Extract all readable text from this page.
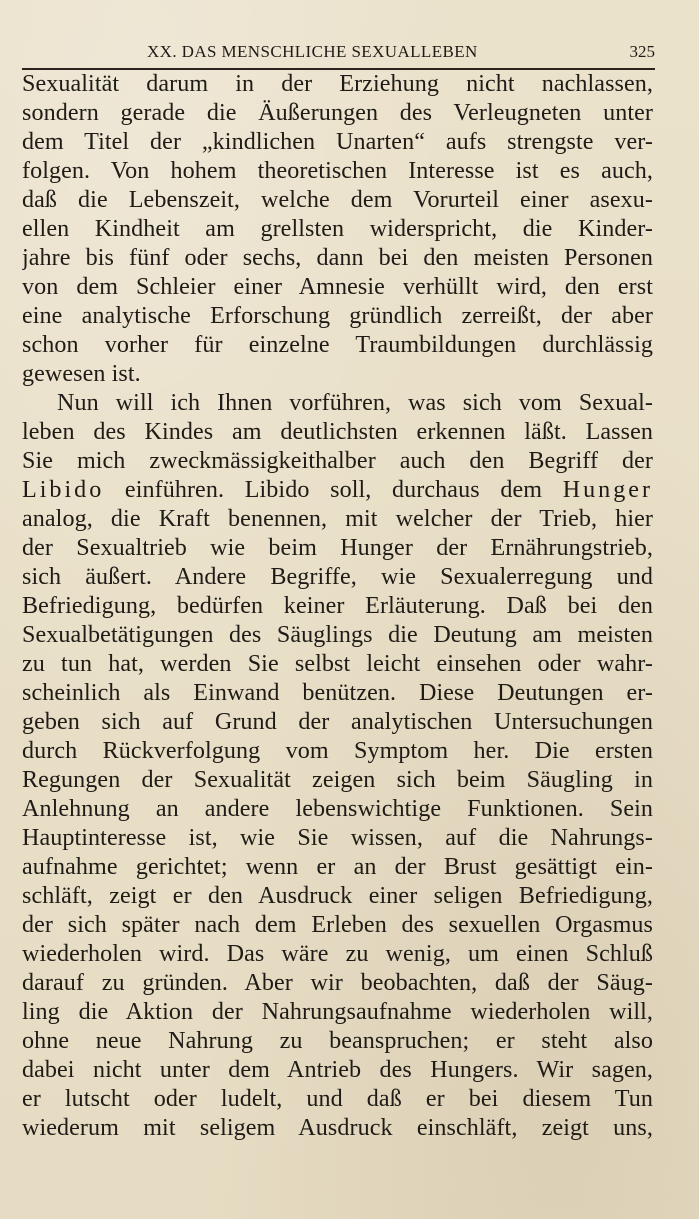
XX. DAS MENSCHLICHE SEXUALLEBEN	325
Sexualität darum in der Erziehung nicht nachlassen,
sondern gerade die Äußerungen des Verleugneten unter
dem Titel der „kindlichen Unarten“ aufs strengste ver-
folgen. Von hohem theoretischen Interesse ist es auch,
daß die Lebenszeit, welche dem Vorurteil einer asexu-
ellen Kindheit am grellsten widerspricht, die Kinder-
jahre bis fünf oder sechs, dann bei den meisten Personen
von dem Schleier einer Amnesie verhüllt wird, den erst
eine analytische Erforschung gründlich zerreißt, der aber
schon vorher für einzelne Traumbildungen durchlässig
gewesen ist.
Nun will ich Ihnen vorführen, was sich vom Sexual-
leben des Kindes am deutlichsten erkennen läßt. Lassen
Sie mich zweckmässigkeithalber auch den Begriff der
Libido einführen. Libido soll, durchaus dem Hunger
analog, die Kraft benennen, mit welcher der Trieb, hier
der Sexualtrieb wie beim Hunger der Ernährungstrieb,
sich äußert. Andere Begriffe, wie Sexualerregung und
Befriedigung, bedürfen keiner Erläuterung. Daß bei den
Sexualbetätigungen des Säuglings die Deutung am meisten
zu tun hat, werden Sie selbst leicht einsehen oder wahr-
scheinlich als Einwand benützen. Diese Deutungen er-
geben sich auf Grund der analytischen Untersuchungen
durch Rückverfolgung vom Symptom her. Die ersten
Regungen der Sexualität zeigen sich beim Säugling in
Anlehnung an andere lebenswichtige Funktionen. Sein
Hauptinteresse ist, wie Sie wissen, auf die Nahrungs-
aufnahme gerichtet; wenn er an der Brust gesättigt ein-
schläft, zeigt er den Ausdruck einer seligen Befriedigung,
der sich später nach dem Erleben des sexuellen Orgasmus
wiederholen wird. Das wäre zu wenig, um einen Schluß
darauf zu gründen. Aber wir beobachten, daß der Säug-
ling die Aktion der Nahrungsaufnahme wiederholen will,
ohne neue Nahrung zu beanspruchen; er steht also
dabei nicht unter dem Antrieb des Hungers. Wir sagen,
er lutscht oder ludelt, und daß er bei diesem Tun
wiederum mit seligem Ausdruck einschläft, zeigt uns,
